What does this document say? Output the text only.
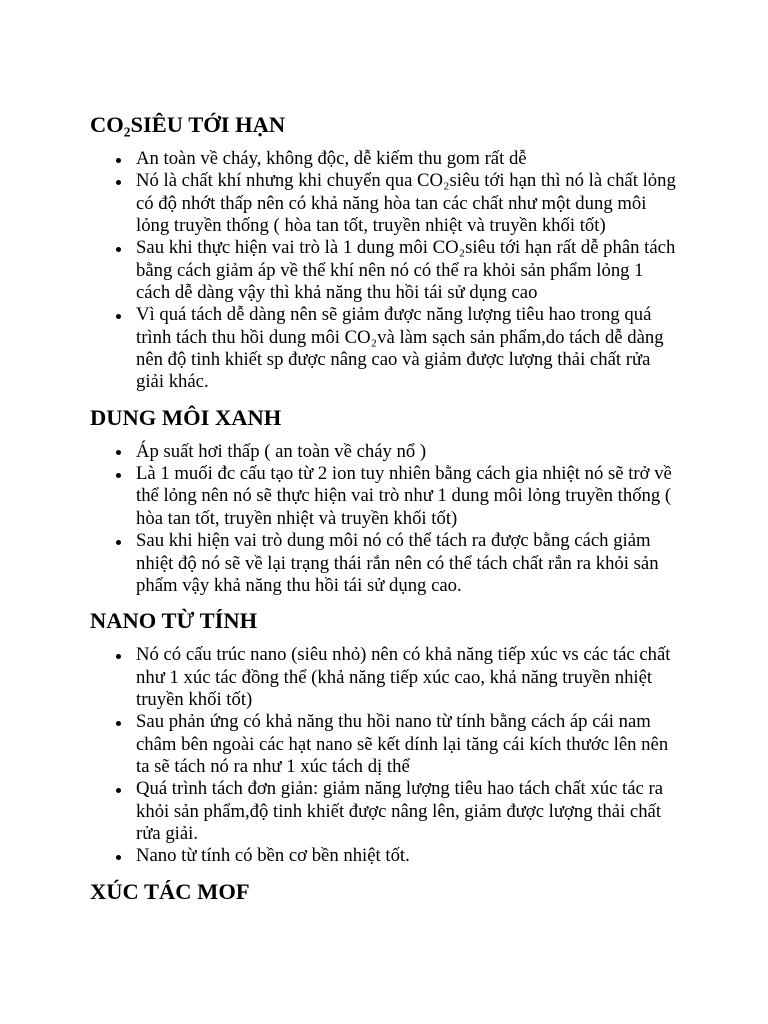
CO₂SIÊU TỚI HẠN
An toàn về cháy, không độc, dễ kiếm thu gom rất dễ
Nó là chất khí nhưng khi chuyển qua CO₂siêu tới hạn thì nó là chất lỏng
có độ nhớt thấp nên có khả năng hòa tan các chất như một dung môi
lỏng truyền thống ( hòa tan tốt, truyền nhiệt và truyền khối tốt)
Sau khi thực hiện vai trò là 1 dung môi CO₂siêu tới hạn rất dễ phân tách
bằng cách giảm áp về thể khí nên nó có thể ra khỏi sản phẩm lỏng 1
cách dễ dàng vậy thì khả năng thu hồi tái sử dụng cao
Vì quá tách dễ dàng nên sẽ giảm được năng lượng tiêu hao trong quá
trình tách thu hồi dung môi CO₂và làm sạch sản phẩm,do tách dễ dàng
nên độ tinh khiết sp được nâng cao và giảm được lượng thải chất rửa
giải khác.
DUNG MÔI XANH
Áp suất hơi thấp ( an toàn về cháy nổ )
Là 1 muối đc cấu tạo từ 2 ion tuy nhiên bằng cách gia nhiệt nó sẽ trở về
thể lỏng nên nó sẽ thực hiện vai trò như 1 dung môi lỏng truyền thống (
hòa tan tốt, truyền nhiệt và truyền khối tốt)
Sau khi hiện vai trò dung môi nó có thể tách ra được bằng cách giảm
nhiệt độ nó sẽ về lại trạng thái rắn nên có thể tách chất rắn ra khỏi sản
phẩm vậy khả năng thu hồi tái sử dụng cao.
NANO TỪ TÍNH
Nó có cấu trúc nano (siêu nhỏ) nên có khả năng tiếp xúc vs các tác chất
như 1 xúc tác đồng thể (khả năng tiếp xúc cao, khả năng truyền nhiệt
truyền khối tốt)
Sau phản ứng có khả năng thu hồi nano từ tính bằng cách áp cái nam
châm bên ngoài các hạt nano sẽ kết dính lại tăng cái kích thước lên nên
ta sẽ tách nó ra như 1 xúc tách dị thể
Quá trình tách đơn giản: giảm năng lượng tiêu hao tách chất xúc tác ra
khỏi sản phẩm,độ tinh khiết được nâng lên, giảm được lượng thải chất
rửa giải.
Nano từ tính có bền cơ bền nhiệt tốt.
XÚC TÁC MOF
